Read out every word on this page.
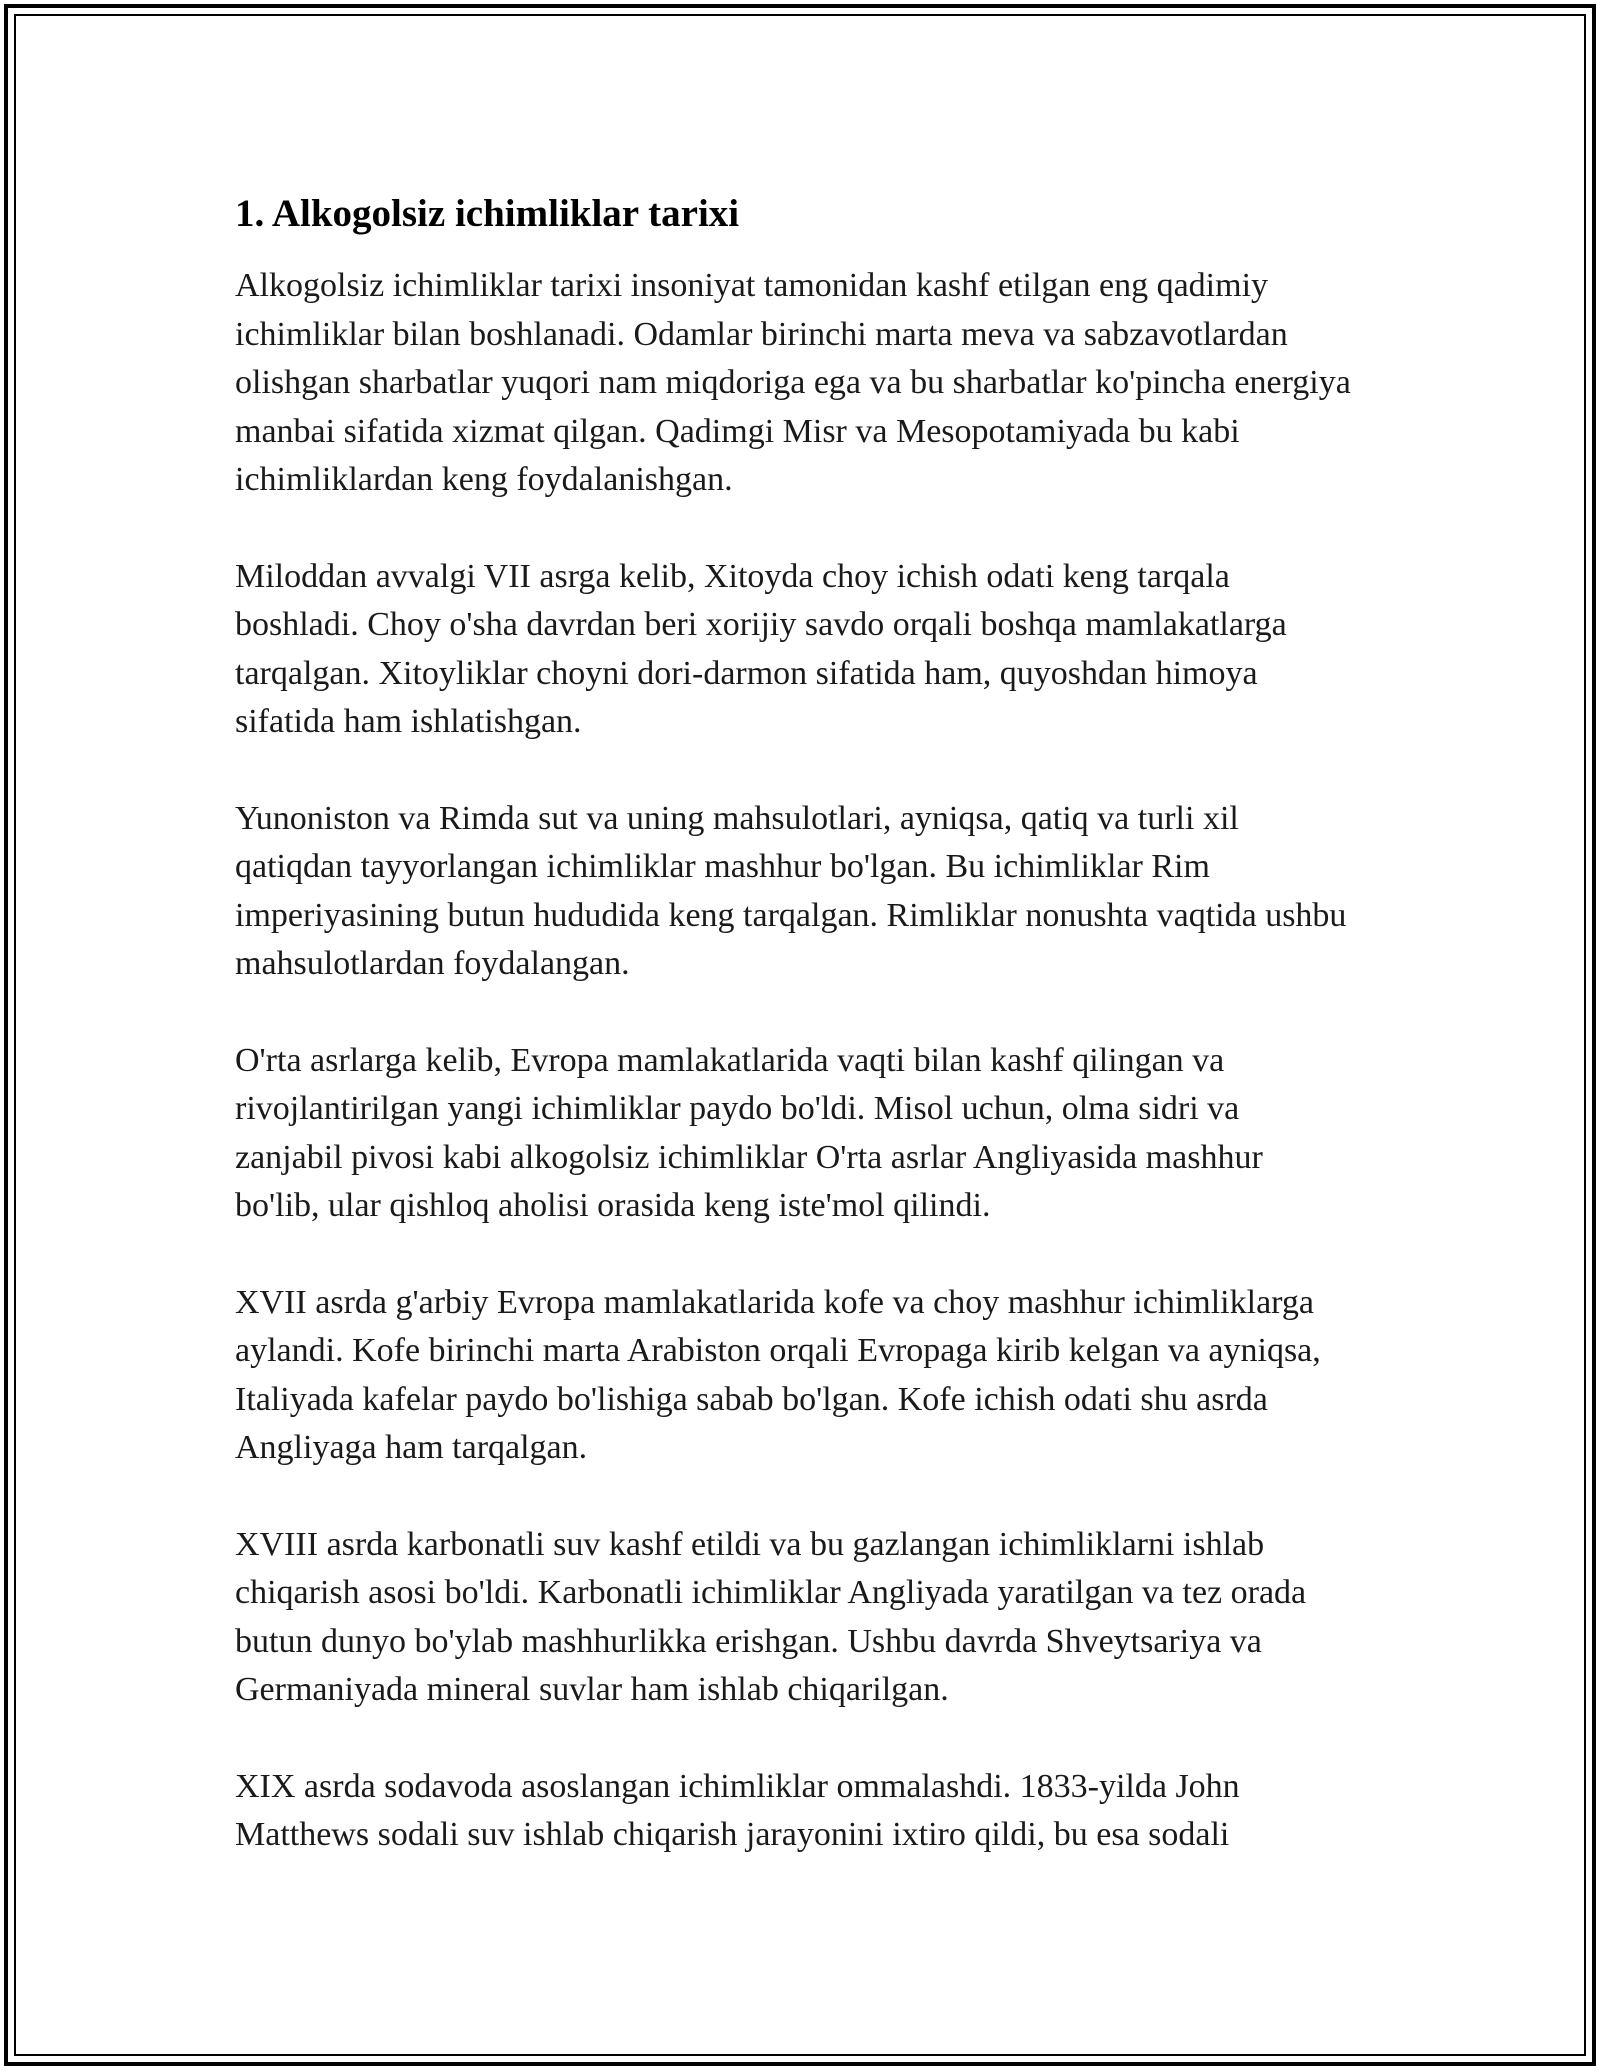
1. Alkogolsiz ichimliklar tarixi

Alkogolsiz ichimliklar tarixi insoniyat tamonidan kashf etilgan eng qadimiy ichimliklar bilan boshlanadi. Odamlar birinchi marta meva va sabzavotlardan olishgan sharbatlar yuqori nam miqdoriga ega va bu sharbatlar ko'pincha energiya manbai sifatida xizmat qilgan. Qadimgi Misr va Mesopotamiyada bu kabi ichimliklardan keng foydalanishgan.

Miloddan avvalgi VII asrga kelib, Xitoyda choy ichish odati keng tarqala boshladi. Choy o'sha davrdan beri xorijiy savdo orqali boshqa mamlakatlarga tarqalgan. Xitoyliklar choyni dori-darmon sifatida ham, quyoshdan himoya sifatida ham ishlatishgan.

Yunoniston va Rimda sut va uning mahsulotlari, ayniqsa, qatiq va turli xil qatiqdan tayyorlangan ichimliklar mashhur bo'lgan. Bu ichimliklar Rim imperiyasining butun hududida keng tarqalgan. Rimliklar nonushta vaqtida ushbu mahsulotlardan foydalangan.

O'rta asrlarga kelib, Evropa mamlakatlarida vaqti bilan kashf qilingan va rivojlantirilgan yangi ichimliklar paydo bo'ldi. Misol uchun, olma sidri va zanjabil pivosi kabi alkogolsiz ichimliklar O'rta asrlar Angliyasida mashhur bo'lib, ular qishloq aholisi orasida keng iste'mol qilindi.

XVII asrda g'arbiy Evropa mamlakatlarida kofe va choy mashhur ichimliklarga aylandi. Kofe birinchi marta Arabiston orqali Evropaga kirib kelgan va ayniqsa, Italiyada kafelar paydo bo'lishiga sabab bo'lgan. Kofe ichish odati shu asrda Angliyaga ham tarqalgan.

XVIII asrda karbonatli suv kashf etildi va bu gazlangan ichimliklarni ishlab chiqarish asosi bo'ldi. Karbonatli ichimliklar Angliyada yaratilgan va tez orada butun dunyo bo'ylab mashhurlikka erishgan. Ushbu davrda Shveytsariya va Germaniyada mineral suvlar ham ishlab chiqarilgan.

XIX asrda sodavoda asoslangan ichimliklar ommalashdi. 1833-yilda John Matthews sodali suv ishlab chiqarish jarayonini ixtiro qildi, bu esa sodali
